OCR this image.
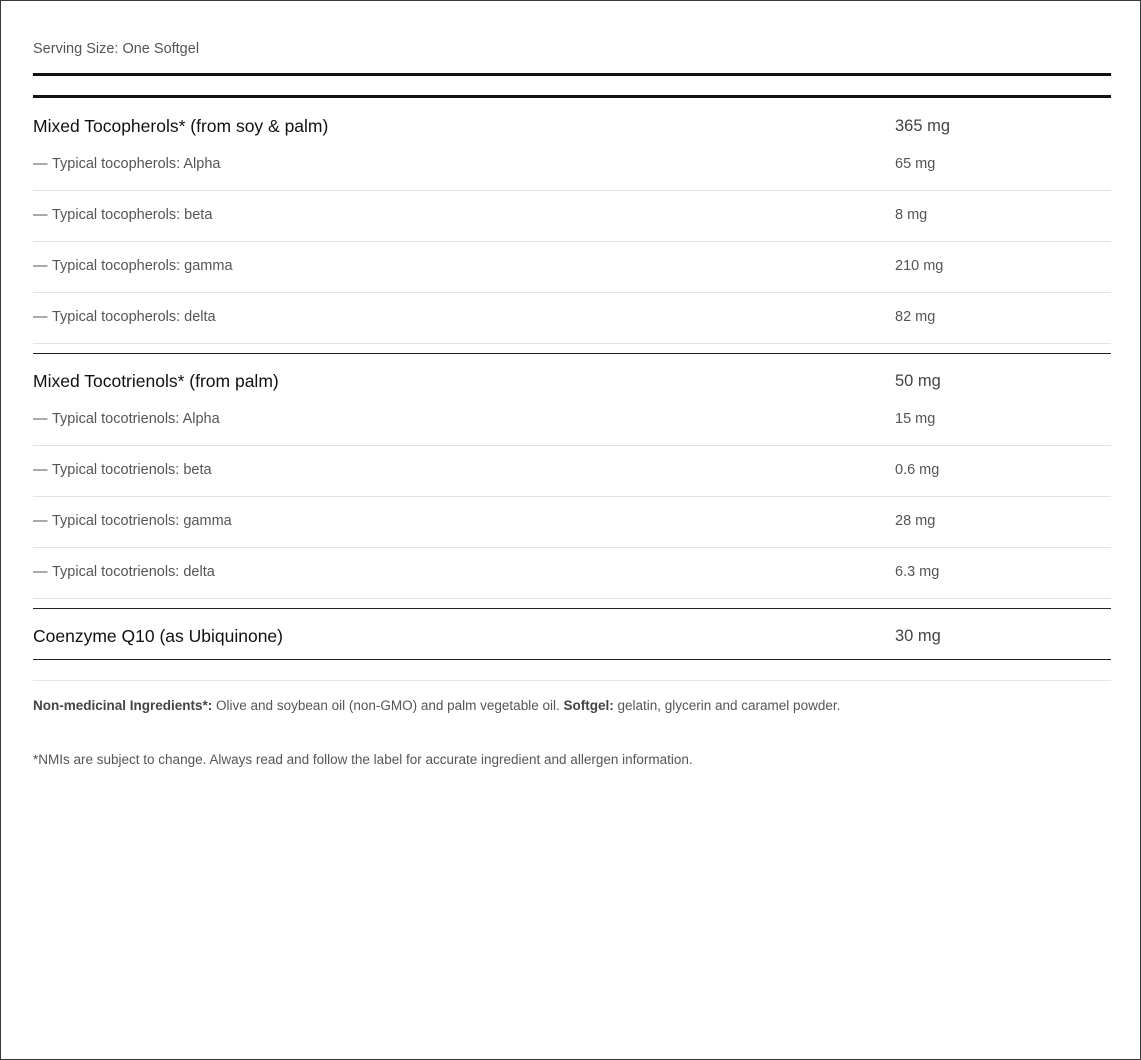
Serving Size: One Softgel
Mixed Tocopherols* (from soy & palm)	365 mg
— Typical tocopherols: Alpha	65 mg
— Typical tocopherols: beta	8 mg
— Typical tocopherols: gamma	210 mg
— Typical tocopherols: delta	82 mg
Mixed Tocotrienols* (from palm)	50 mg
— Typical tocotrienols: Alpha	15 mg
— Typical tocotrienols: beta	0.6 mg
— Typical tocotrienols: gamma	28 mg
— Typical tocotrienols: delta	6.3 mg
Coenzyme Q10 (as Ubiquinone)	30 mg
Non-medicinal Ingredients*: Olive and soybean oil (non-GMO) and palm vegetable oil. Softgel: gelatin, glycerin and caramel powder.
*NMIs are subject to change. Always read and follow the label for accurate ingredient and allergen information.
